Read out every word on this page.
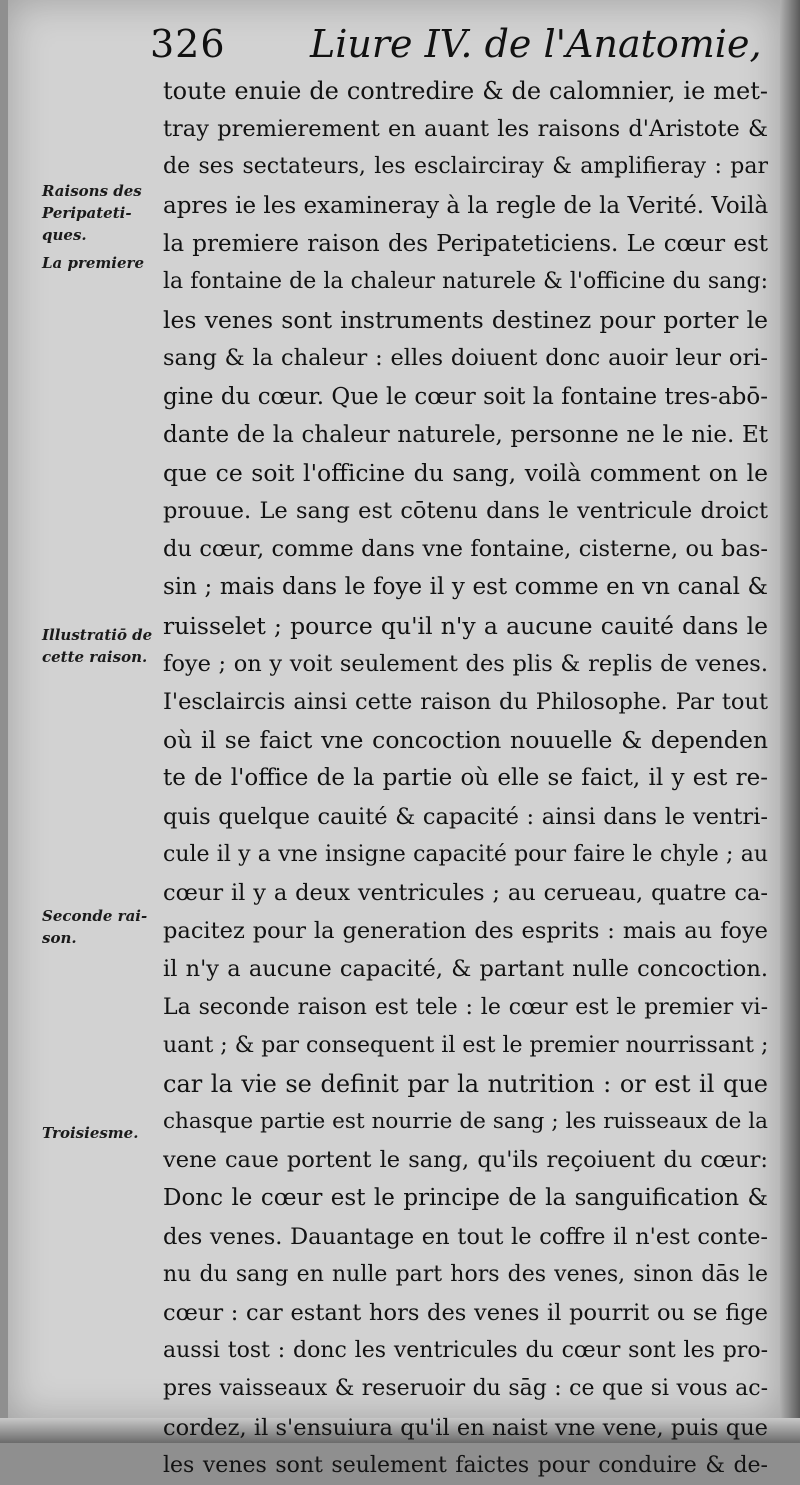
326 Liure IV. de l'Anatomie,
Raisons des
Peripateti-
ques.
La premiere
Illustratiō de
cette raison.
Seconde rai-
son.
Troisiesme.
toute enuie de contredire & de calomnier, ie met-
tray premierement en auant les raisons d'Aristote &
de ses sectateurs, les esclairciray & amplifieray : par
apres ie les examineray à la regle de la Verité. Voilà
la premiere raison des Peripateticiens. Le cœur est
la fontaine de la chaleur naturele & l'officine du sang:
les venes sont instruments destinez pour porter le
sang & la chaleur : elles doiuent donc auoir leur ori-
gine du cœur. Que le cœur soit la fontaine tres-abō-
dante de la chaleur naturele, personne ne le nie. Et
que ce soit l'officine du sang, voilà comment on le
prouue. Le sang est cōtenu dans le ventricule droict
du cœur, comme dans vne fontaine, cisterne, ou bas-
sin ; mais dans le foye il y est comme en vn canal &
ruisselet ; pource qu'il n'y a aucune cauité dans le
foye ; on y voit seulement des plis & replis de venes.
I'esclaircis ainsi cette raison du Philosophe. Par tout
où il se faict vne concoction nouuelle & dependen
te de l'office de la partie où elle se faict, il y est re-
quis quelque cauité & capacité : ainsi dans le ventri-
cule il y a vne insigne capacité pour faire le chyle ; au
cœur il y a deux ventricules ; au cerueau, quatre ca-
pacitez pour la generation des esprits : mais au foye
il n'y a aucune capacité, & partant nulle concoction.
La seconde raison est tele : le cœur est le premier vi-
uant ; & par consequent il est le premier nourrissant ;
car la vie se definit par la nutrition : or est il que
chasque partie est nourrie de sang ; les ruisseaux de la
vene caue portent le sang, qu'ils reçoiuent du cœur:
Donc le cœur est le principe de la sanguification &
des venes. Dauantage en tout le coffre il n'est conte-
nu du sang en nulle part hors des venes, sinon dās le
cœur : car estant hors des venes il pourrit ou se fige
aussi tost : donc les ventricules du cœur sont les pro-
pres vaisseaux & reseruoir du sāg : ce que si vous ac-
cordez, il s'ensuiura qu'il en naist vne vene, puis que
les venes sont seulement faictes pour conduire & de-
